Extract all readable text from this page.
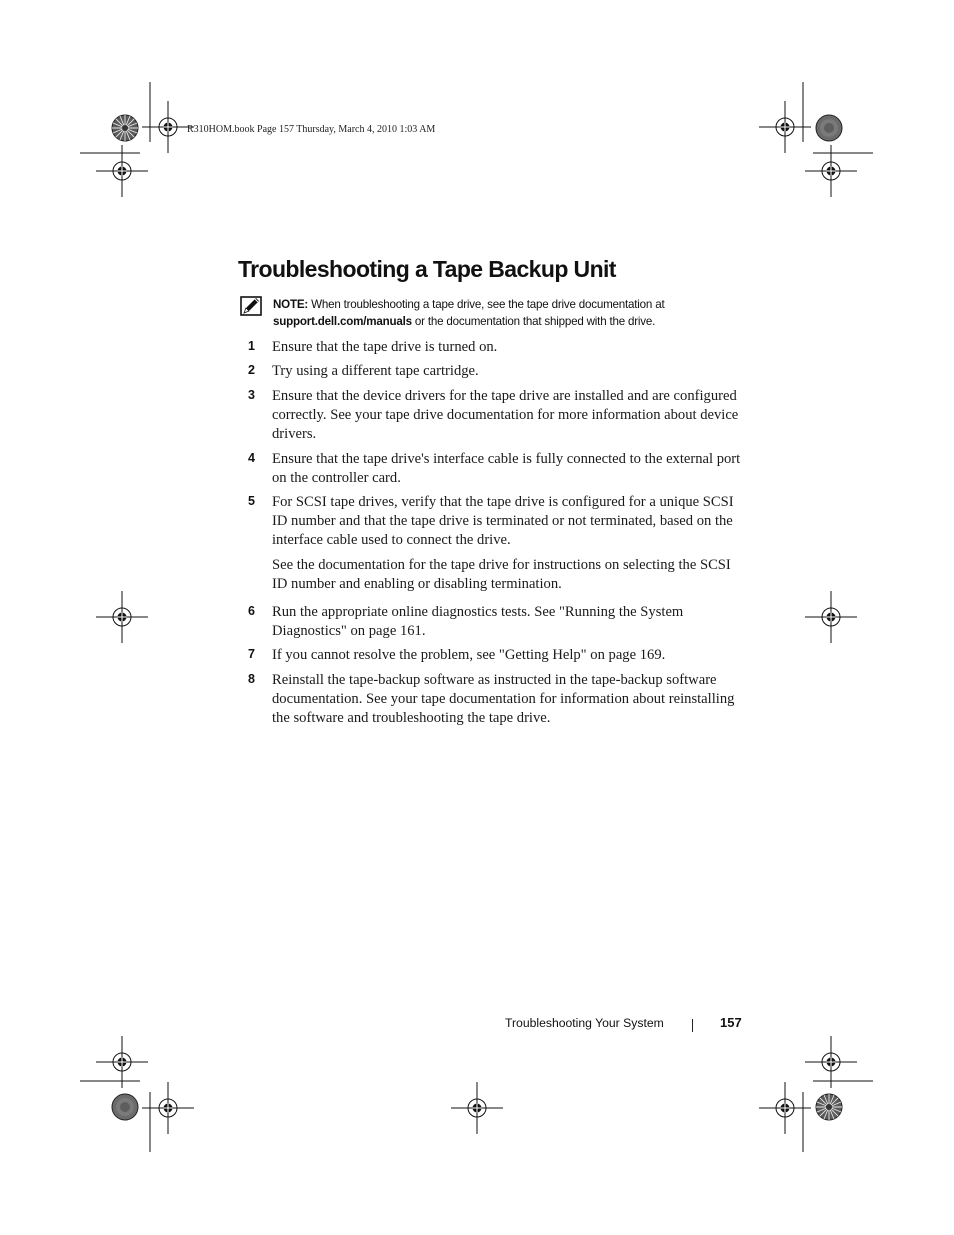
R310HOM.book Page 157 Thursday, March 4, 2010 1:03 AM
Troubleshooting a Tape Backup Unit
NOTE: When troubleshooting a tape drive, see the tape drive documentation at support.dell.com/manuals or the documentation that shipped with the drive.
1 Ensure that the tape drive is turned on.

2 Try using a different tape cartridge.

3 Ensure that the device drivers for the tape drive are installed and are configured correctly. See your tape drive documentation for more information about device drivers.

4 Ensure that the tape drive's interface cable is fully connected to the external port on the controller card.

5 For SCSI tape drives, verify that the tape drive is configured for a unique SCSI ID number and that the tape drive is terminated or not terminated, based on the interface cable used to connect the drive.

See the documentation for the tape drive for instructions on selecting the SCSI ID number and enabling or disabling termination.

6 Run the appropriate online diagnostics tests. See "Running the System Diagnostics" on page 161.

7 If you cannot resolve the problem, see "Getting Help" on page 169.

8 Reinstall the tape-backup software as instructed in the tape-backup software documentation. See your tape documentation for information about reinstalling the software and troubleshooting the tape drive.

Troubleshooting Your System	157
